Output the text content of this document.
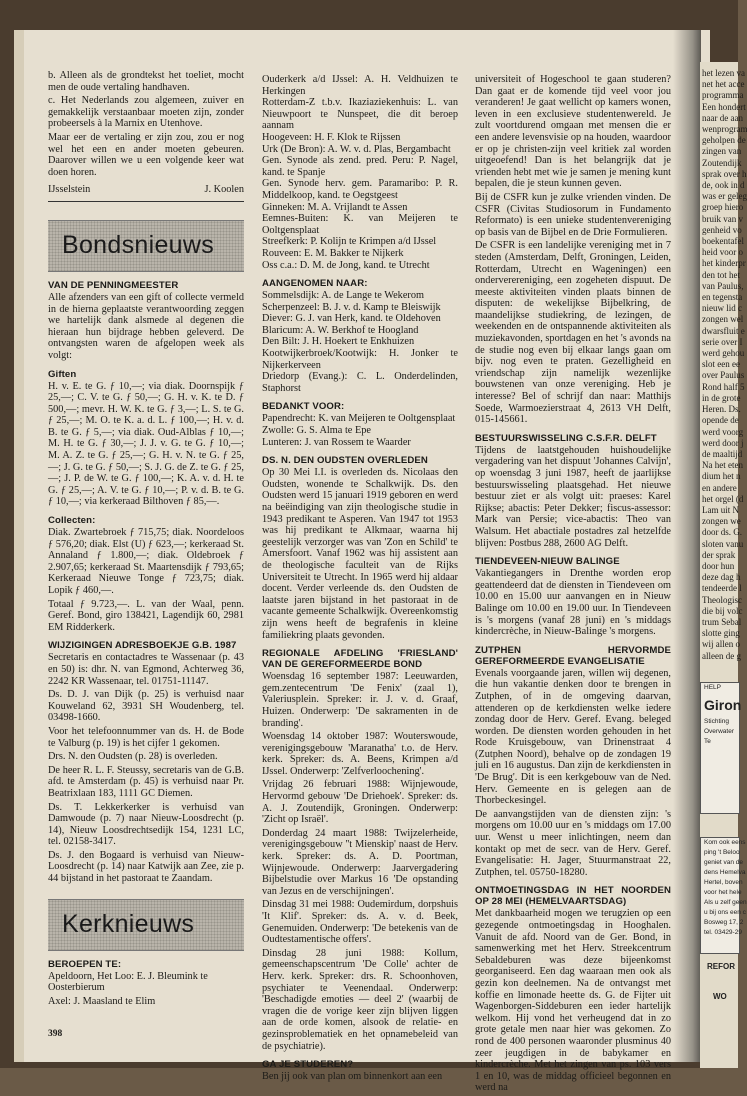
b. Alleen als de grondtekst het toeliet, mocht men de oude vertaling handhaven.

c. Het Nederlands zou algemeen, zuiver en gemakkelijk verstaanbaar moeten zijn, zonder probeersels à la Marnix en Utenhove.

Maar eer de vertaling er zijn zou, zou er nog wel het een en ander moeten gebeuren. Daarover willen we u een volgende keer wat doen horen.

IJsselstein	J. Koolen
Bondsnieuws
VAN DE PENNINGMEESTER

Alle afzenders van een gift of collecte vermeld in de hierna geplaatste verantwoording zeggen we hartelijk dank alsmede al degenen die hieraan hun bijdrage hebben geleverd. De ontvangsten waren de afgelopen week als volgt:

Giften

H. v. E. te G. ƒ 10,—; via diak. Doornspijk ƒ 25,—; C. V. te G. ƒ 50,—; G. H. v. K. te D. ƒ 500,—; mevr. H. W. K. te G. ƒ 3,—; L. S. te G. ƒ 25,—; M. O. te K. a. d. L. ƒ 100,—; H. v. d. B. te G. ƒ 5,—; via diak. Oud-Alblas ƒ 10,—; M. H. te G. ƒ 30,—; J. J. v. G. te G. ƒ 10,—; M. A. Z. te G. ƒ 25,—; G. H. v. N. te G. ƒ 25,—; J. G. te G. ƒ 50,—; S. J. G. de Z. te G. ƒ 25,—; J. P. de W. te G. ƒ 100,—; K. A. v. d. H. te G. ƒ 25,—; A. V. te G. ƒ 10,—; P. v. d. B. te G. ƒ 10,—; via kerkeraad Bilthoven ƒ 85,—.

Collecten:

Diak. Zwartebroek ƒ 715,75; diak. Noordeloos ƒ 576,20; diak. Elst (U) ƒ 623,—; kerkeraad St. Annaland ƒ 1.800,—; diak. Oldebroek ƒ 2.907,65; kerkeraad St. Maartensdijk ƒ 793,65; Kerkeraad Nieuwe Tonge ƒ 723,75; diak. Lopik ƒ 460,—.

Totaal ƒ 9.723,—. L. van der Waal, penn. Geref. Bond, giro 138421, Lagendijk 60, 2981 EM Ridderkerk.

WIJZIGINGEN ADRESBOEKJE G.B. 1987

Secretaris en contactadres te Wassenaar (p. 43 en 50) is: dhr. N. van Egmond, Achterweg 36, 2242 KR Wassenaar, tel. 01751-11147.

Ds. D. J. van Dijk (p. 25) is verhuisd naar Kouweland 62, 3931 SH Woudenberg, tel. 03498-1660.

Voor het telefoonnummer van ds. H. de Bode te Valburg (p. 19) is het cijfer 1 gekomen.

Drs. N. den Oudsten (p. 28) is overleden.

De heer R. L. F. Steussy, secretaris van de G.B. afd. te Amsterdam (p. 45) is verhuisd naar Pr. Beatrixlaan 183, 1111 GC Diemen.

Ds. T. Lekkerkerker is verhuisd van Damwoude (p. 7) naar Nieuw-Loosdrecht (p. 14), Nieuw Loosdrechtsedijk 154, 1231 LC, tel. 02158-3417.

Ds. J. den Bogaard is verhuisd van Nieuw-Loosdrecht (p. 14) naar Katwijk aan Zee, zie p. 44 bijstand in het pastoraat te Zaandam.

Kerknieuws
BEROEPEN TE:

Apeldoorn, Het Loo: E. J. Bleumink te Oosterbierum

Axel: J. Maasland te Elim

Ouderkerk a/d IJssel: A. H. Veldhuizen te Herkingen
Rotterdam-Z t.b.v. Ikaziaziekenhuis: L. van Nieuwpoort te Nunspeet, die dit beroep aannam
Hoogeveen: H. F. Klok te Rijssen
Urk (De Bron): A. W. v. d. Plas, Bergambacht
Gen. Synode als zend. pred. Peru: P. Nagel, kand. te Spanje
Gen. Synode herv. gem. Paramaribo: P. R. Middelkoop, kand. te Oegstgeest
Ginneken: M. A. Vrijlandt te Assen
Eemnes-Buiten: K. van Meijeren te Ooltgensplaat
Streefkerk: P. Kolijn te Krimpen a/d IJssel
Rouveen: E. M. Bakker te Nijkerk
Oss c.a.: D. M. de Jong, kand. te Utrecht
AANGENOMEN NAAR:
Sommelsdijk: A. de Lange te Wekerom
Scherpenzeel: B. J. v. d. Kamp te Bleiswijk
Diever: G. J. van Herk, kand. te Oldehoven
Blaricum: A. W. Berkhof te Hoogland
Den Bilt: J. H. Hoekert te Enkhuizen
Kootwijkerbroek/Kootwijk: H. Jonker te Nijkerkerveen
Driedorp (Evang.): C. L. Onderdelinden, Staphorst
BEDANKT VOOR:
Papendrecht: K. van Meijeren te Ooltgensplaat
Zwolle: G. S. Alma te Epe
Lunteren: J. van Rossem te Waarder
DS. N. DEN OUDSTEN OVERLEDEN

Op 30 Mei I.I. is overleden ds. Nicolaas den Oudsten, wonende te Schalkwijk. Ds. den Oudsten werd 15 januari 1919 geboren en werd na beëindiging van zijn theologische studie in 1943 predikant te Asperen. Van 1947 tot 1953 was hij predikant te Alkmaar, waarna hij geestelijk verzorger was van 'Zon en Schild' te Amersfoort. Vanaf 1962 was hij assistent aan de theologische faculteit van de Rijks Universiteit te Utrecht. In 1965 werd hij aldaar docent. Verder verleende ds. den Oudsten de laatste jaren bijstand in het pastoraat in de vacante gemeente Schalkwijk. Overeenkomstig zijn wens heeft de begrafenis in kleine familiekring plaats gevonden.

REGIONALE AFDELING 'FRIESLAND' VAN DE GEREFORMEERDE BOND

Woensdag 16 september 1987: Leeuwarden, gem.zentecentrum 'De Fenix' (zaal 1), Valeriusplein. Spreker: ir. J. v. d. Graaf, Huizen. Onderwerp: 'De sakramenten in de branding'.

Woensdag 14 oktober 1987: Wouterswoude, verenigingsgebouw 'Maranatha' t.o. de Herv. kerk. Spreker: ds. A. Beens, Krimpen a/d IJssel. Onderwerp: 'Zelfverloochening'.

Vrijdag 26 februari 1988: Wijnjewoude, Hervormd gebouw 'De Driehoek'. Spreker: ds. A. J. Zoutendijk, Groningen. Onderwerp: 'Zicht op Israël'.

Donderdag 24 maart 1988: Twijzelerheide, verenigingsgebouw ''t Mienskip' naast de Herv. kerk. Spreker: ds. A. D. Poortman, Wijnjewoude. Onderwerp: Jaarvergadering Bijbelstudie over Markus 16 'De opstanding van Jezus en de verschijningen'.

Dinsdag 31 mei 1988: Oudemirdum, dorpshuis 'It Klif'. Spreker: ds. A. v. d. Beek, Genemuiden. Onderwerp: 'De betekenis van de Oudtestamentische offers'.

Dinsdag 28 juni 1988: Kollum, gemeenschapscentrum 'De Colle' achter de Herv. kerk. Spreker: drs. R. Schoonhoven, psychiater te Veenendaal. Onderwerp: 'Beschadigde emoties — deel 2' (waarbij de vragen die de vorige keer zijn blijven liggen aan de orde komen, alsook de relatie- en gezinsproblematiek en het opnamebeleid van de psychiatrie).

GA JE STUDEREN?

Ben jij ook van plan om binnenkort aan een

universiteit of Hogeschool te gaan studeren? Dan gaat er de komende tijd veel voor jou veranderen! Je gaat wellicht op kamers wonen, leven in een exclusieve studentenwereld. Je zult voortdurend omgaan met mensen die er een andere levensvisie op na houden, waardoor er op je christen-zijn veel kritiek zal worden uitgeoefend! Dan is het belangrijk dat je vrienden hebt met wie je samen je mening kunt bepalen, die je steun kunnen geven.

Bij de CSFR kun je zulke vrienden vinden. De CSFR (Civitas Studiosorum in Fundamento Reformato) is een unieke studentenvereniging op basis van de Bijbel en de Drie Formulieren.

De CSFR is een landelijke vereniging met in 7 steden (Amsterdam, Delft, Groningen, Leiden, Rotterdam, Utrecht en Wageningen) een onderverereniging, een zogeheten dispuut. De meeste aktiviteiten vinden plaats binnen de disputen: de wekelijkse Bijbelkring, de maandelijkse studiekring, de lezingen, de weekenden en de ontspannende aktiviteiten als muziekavonden, sportdagen en het 's avonds na de studie nog even bij elkaar langs gaan om bijv. nog even te praten. Gezelligheid en vriendschap zijn namelijk wezenlijke bouwstenen van onze vereniging. Heb je interesse? Bel of schrijf dan naar: Matthijs Soede, Warmoezierstraat 4, 2613 VH Delft, 015-145661.

BESTUURSWISSELING C.S.F.R. DELFT

Tijdens de laatstgehouden huishoudelijke vergadering van het dispuut 'Johannes Calvijn', op woensdag 3 juni 1987, heeft de jaarlijkse bestuurswisseling plaatsgehad. Het nieuwe bestuur ziet er als volgt uit: praeses: Karel Rijkse; abactis: Peter Dekker; fiscus-assessor: Mark van Persie; vice-abactis: Theo van Walsum. Het abactiale postadres zal hetzelfde blijven: Postbus 288, 2600 AG Delft.

TIENDEVEEN-NIEUW BALINGE

Vakantiegangers in Drenthe worden erop geattendeerd dat de diensten in Tiendeveen om 10.00 en 15.00 uur aanvangen en in Nieuw Balinge om 10.00 en 19.00 uur. In Tiendeveen is 's morgens (vanaf 28 juni) en 's middags kindercrèche, in Nieuw-Balinge 's morgens.

ZUTPHEN HERVORMDE GEREFORMEERDE EVANGELISATIE

Evenals voorgaande jaren, willen wij degenen, die hun vakantie denken door te brengen in Zutphen, of in de omgeving daarvan, attenderen op de kerkdiensten welke iedere zondag door de Herv. Geref. Evang. beleged worden. De diensten worden gehouden in het Rode Kruisgebouw, van Drinenstraat 4 (Zutphen Noord), behalve op de zondagen 19 juli en 16 augustus. Dan zijn de kerkdiensten in 'De Brug'. Dit is een kerkgebouw van de Ned. Herv. Gemeente en is gelegen aan de Thorbeckesingel.

De aanvangstijden van de diensten zijn: 's morgens om 10.00 uur en 's middags om 17.00 uur. Wenst u meer inlichtingen, neem dan kontakt op met de secr. van de Herv. Geref. Evangelisatie: H. Jager, Stuurmanstraat 22, Zutphen, tel. 05750-18280.

ONTMOETINGSDAG IN HET NOORDEN OP 28 MEI (HEMELVAARTSDAG)

Met dankbaarheid mogen we terugzien op een gezegende ontmoetingsdag in Hooghalen. Vanuit de afd. Noord van de Ger. Bond, in samenwerking met het Herv. Streekcentrum Sebaldeburen was deze bijeenkomst georganiseerd. Een dag waaraan men ook als gezin kon deelnemen. Na de ontvangst met koffie en limonade heette ds. G. de Fijter uit Wagenborgen-Siddeburen een ieder hartelijk welkom. Hij vond het verheugend dat in zo grote getale men naar hier was gekomen. Zo rond de 400 personen waaronder plusminus 40 zeer jeugdigen in de babykamer en kindercrèche. Met het zingen van ps. 103 vers 1 en 10, was de middag officieel begonnen en werd na

398
het lezen va
net het acce
programma
Een hondert
naar de aan
wenprogram
geholpen de
zingen van
Zoutendijk
sprak over h
de, ook in d
was er geleg
groep hiero
bruik van v
genheid vo
boekentafel
heid voor o
het kinderpr
den tot het
van Paulus,
en tegensta
nieuw lid c
zongen wel
dwarsfluit e
serie over I
werd gehou
slot een ee
over Paulus
Rond half 5
in de grote
Heren. Ds.
opende de
werd voorg
werd door j
de maaltijd
Na het eten
dium het n
en andere
het orgel (d
Lam uit N
zongen we
door ds. G.
sloten vanu
der sprak
door hun
deze dag h
tendeerde l
Theologisc
die bij volc
trum Sebal
slotte ging
wij allen o
alleen de g
HELP
Giron
Stichting
Overwater
Te
Kom ook eens
ping 't Beloo
geniet van de
dens Hemelva
Hertel, boven
voor het hele
Als u zelf geen
u bij ons een c
Bosweg 17, 2
tel. 03429-29
REFOR
WO
